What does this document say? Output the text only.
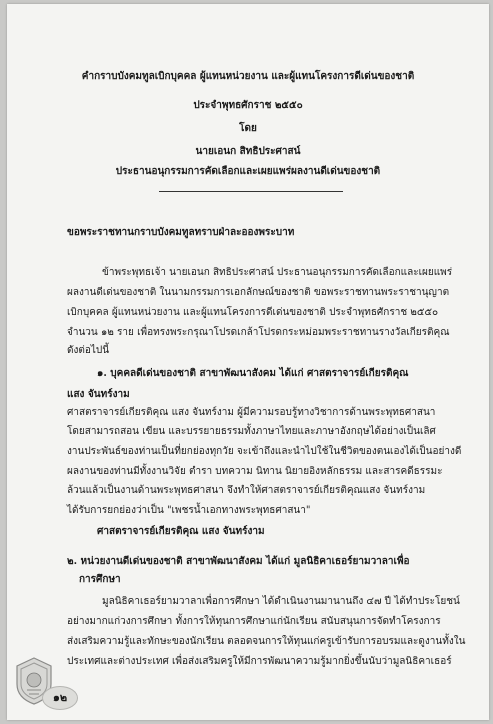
คำกราบบังคมทูลเบิกบุคคล ผู้แทนหน่วยงาน และผู้แทนโครงการดีเด่นของชาติ
ประจำพุทธศักราช ๒๕๕๐
โดย
นายเอนก สิทธิประศาสน์
ประธานอนุกรรมการคัดเลือกและเผยแพร่ผลงานดีเด่นของชาติ
ขอพระราชทานกราบบังคมทูลทราบฝ่าละอองพระบาท
ข้าพระพุทธเจ้า นายเอนก สิทธิประศาสน์ ประธานอนุกรรมการคัดเลือกและเผยแพร่
ผลงานดีเด่นของชาติ ในนามกรรมการเอกลักษณ์ของชาติ ขอพระราชทานพระราชานุญาต
เบิกบุคคล ผู้แทนหน่วยงาน และผู้แทนโครงการดีเด่นของชาติ ประจำพุทธศักราช ๒๕๕๐
จำนวน ๑๒ ราย เพื่อทรงพระกรุณาโปรดเกล้าโปรดกระหม่อมพระราชทานรางวัลเกียรติคุณ
ดังต่อไปนี้
๑. บุคคลดีเด่นของชาติ สาขาพัฒนาสังคม ได้แก่ ศาสตราจารย์เกียรติคุณ
แสง จันทร์งาม
ศาสตราจารย์เกียรติคุณ แสง จันทร์งาม ผู้มีความรอบรู้ทางวิชาการด้านพระพุทธศาสนา
โดยสามารถสอน เขียน และบรรยายธรรมทั้งภาษาไทยและภาษาอังกฤษได้อย่างเป็นเลิศ
งานประพันธ์ของท่านเป็นที่ยกย่องทุกวัย จะเข้าถึงและนำไปใช้ในชีวิตของตนเองได้เป็นอย่างดี
ผลงานของท่านมีทั้งงานวิจัย ตำรา บทความ นิทาน นิยายอิงหลักธรรม และสารคดีธรรมะ
ล้วนแล้วเป็นงานด้านพระพุทธศาสนา จึงทำให้ศาสตราจารย์เกียรติคุณแสง จันทร์งาม
ได้รับการยกย่องว่าเป็น "เพชรน้ำเอกทางพระพุทธศาสนา"
ศาสตราจารย์เกียรติคุณ แสง จันทร์งาม
๒. หน่วยงานดีเด่นของชาติ สาขาพัฒนาสังคม ได้แก่ มูลนิธิคาเธอร์ยามวาลาเพื่อ
การศึกษา
มูลนิธิคาเธอร์ยามวาลาเพื่อการศึกษา ได้ดำเนินงานมานานถึง ๔๗ ปี ได้ทำประโยชน์
อย่างมากแก่วงการศึกษา ทั้งการให้ทุนการศึกษาแก่นักเรียน สนับสนุนการจัดทำโครงการ
ส่งเสริมความรู้และทักษะของนักเรียน ตลอดจนการให้ทุนแก่ครูเข้ารับการอบรมและดูงานทั้งใน
ประเทศและต่างประเทศ เพื่อส่งเสริมครูให้มีการพัฒนาความรู้มากยิ่งขึ้นนับว่ามูลนิธิคาเธอร์
๑๒
